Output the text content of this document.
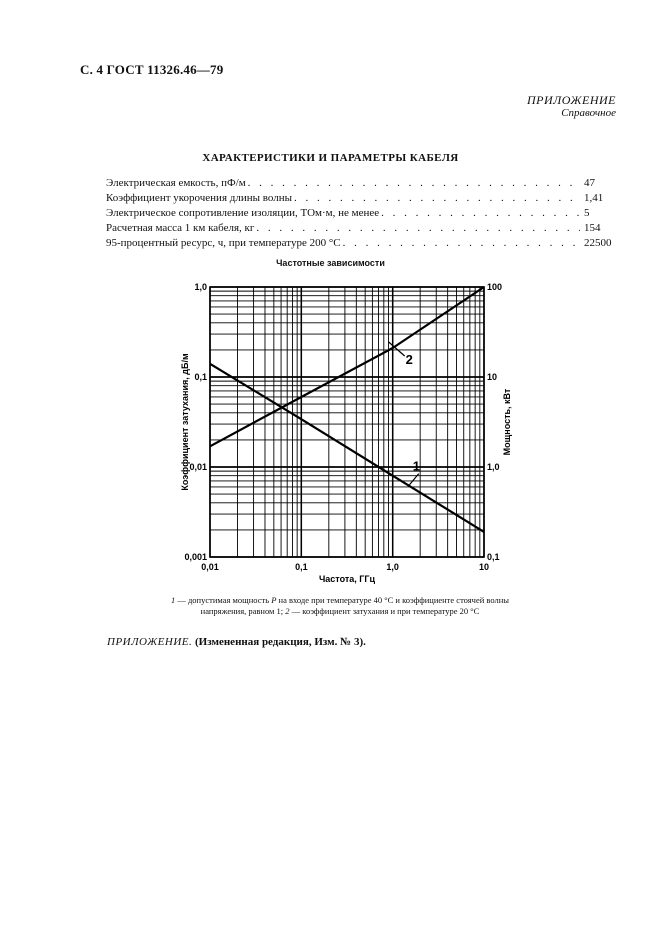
С. 4 ГОСТ 11326.46—79
ПРИЛОЖЕНИЕ
Справочное
ХАРАКТЕРИСТИКИ И ПАРАМЕТРЫ КАБЕЛЯ
Электрическая емкость, пФ/м . . .	47
Коэффициент укорочения длины волны . . .	1,41
Электрическое сопротивление изоляции, ТОм·м, не менее . . .	5
Расчетная масса 1 км кабеля, кг . . .	154
95-процентный ресурс, ч, при температуре 200 °С . . .	22500
Частотные зависимости
0,01	0,1	1,0	10
0,001
0,01
0,1
1,0
0,1
1,0
10
100
Частота, ГГц
Коэффициент затухания, дБ/м	Мощность, кВт
1
2
1 — допустимая мощность Р на входе при температуре 40 °С и коэффициенте стоячей волны напряжения, равном 1; 2 — коэффициент затухания и при температуре 20 °С
ПРИЛОЖЕНИЕ. (Измененная редакция, Изм. № 3).
